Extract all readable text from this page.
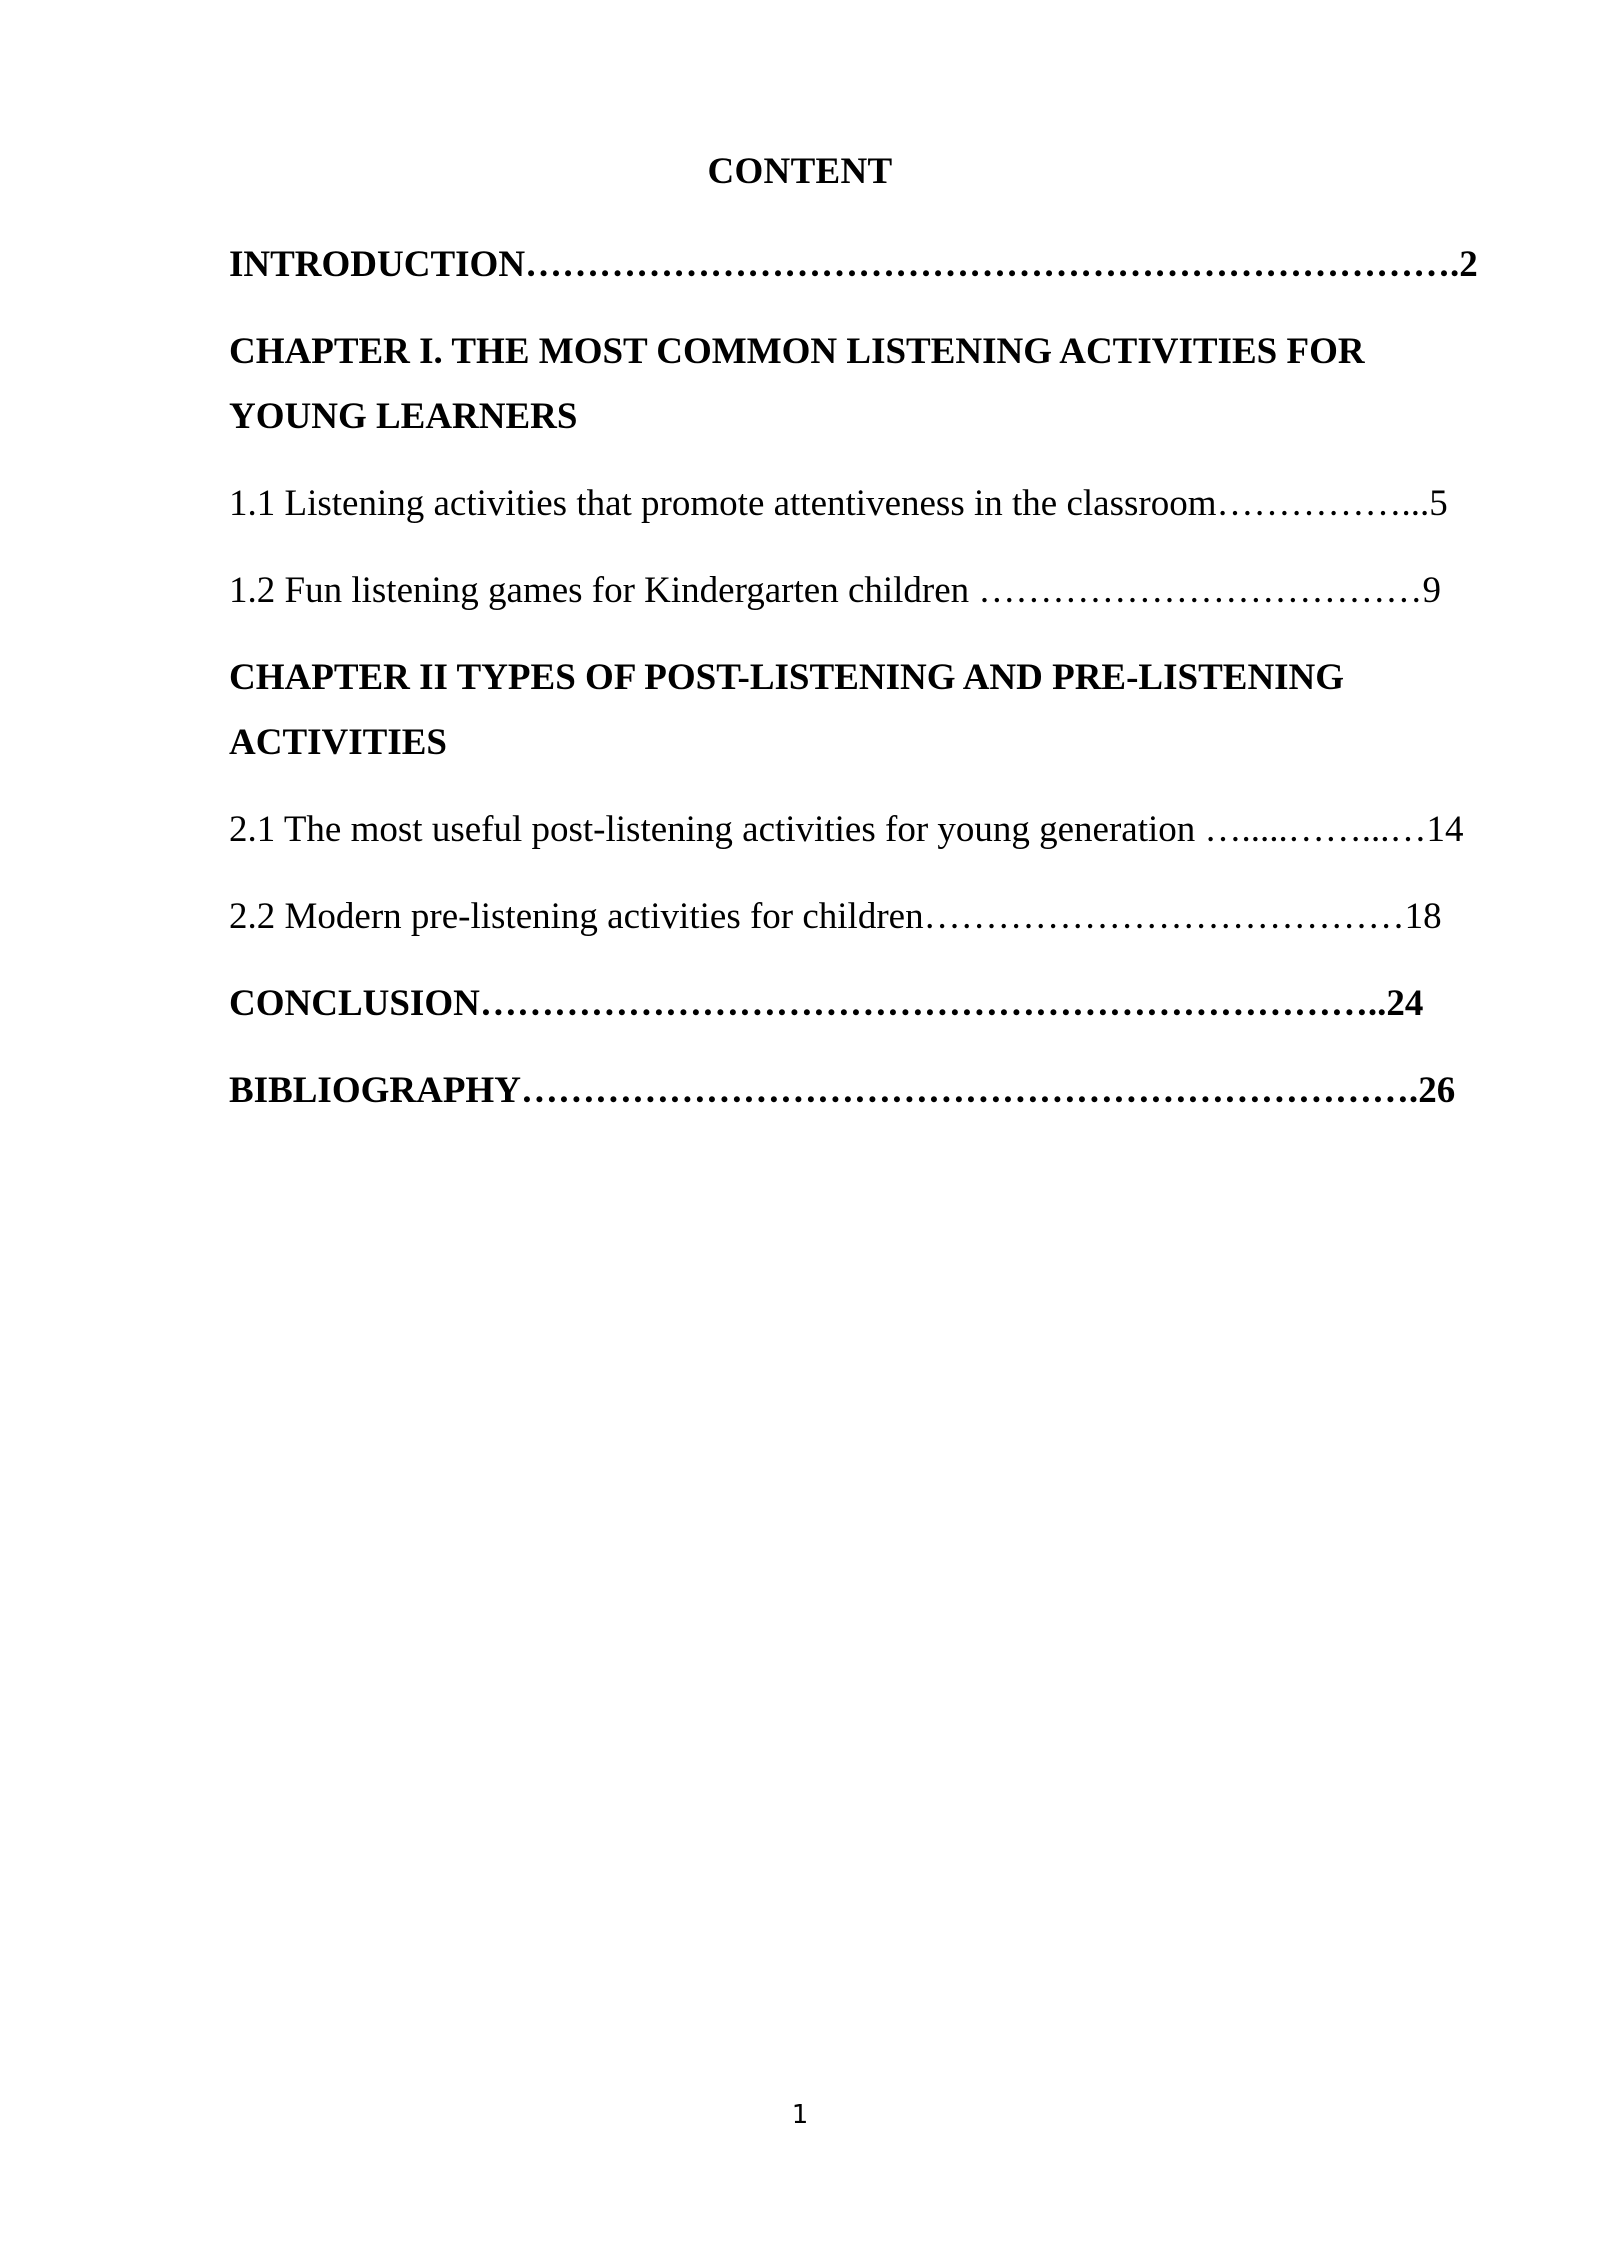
CONTENT
INTRODUCTION………………………………………………………………….2
CHAPTER I. THE MOST COMMON LISTENING ACTIVITIES FOR
YOUNG LEARNERS
1.1 Listening activities that promote attentiveness in the classroom……………...5
1.2 Fun listening games for Kindergarten children ………………………………9
CHAPTER II TYPES OF POST-LISTENING AND PRE-LISTENING
ACTIVITIES
2.1 The most useful post-listening activities for young generation ….....……...…14
2.2 Modern pre-listening activities for children…………………………………18
CONCLUSION………………………………………………………………..24
BIBLIOGRAPHY……………………………………………………………….26
1
